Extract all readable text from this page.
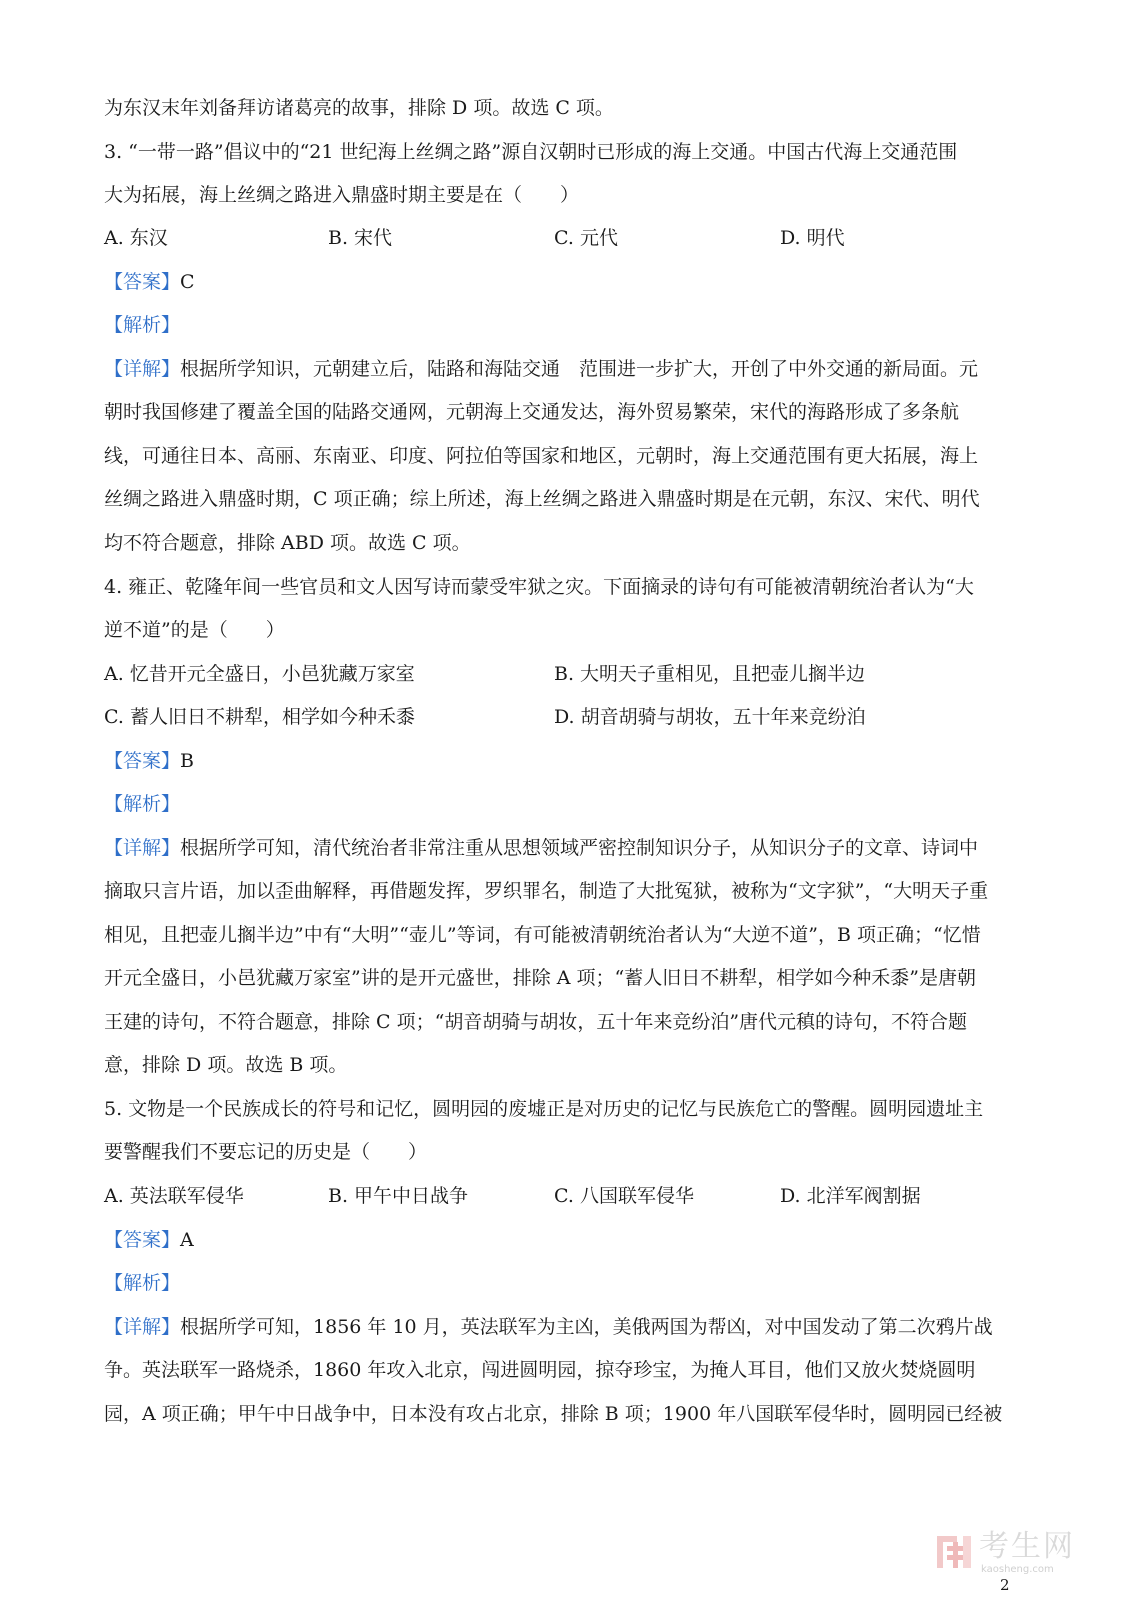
为东汉末年刘备拜访诸葛亮的故事，排除 D 项。故选 C 项。
3. “一带一路”倡议中的“21 世纪海上丝绸之路”源自汉朝时已形成的海上交通。中国古代海上交通范围
大为拓展，海上丝绸之路进入鼎盛时期主要是在（　　）
A. 东汉	B. 宋代	C. 元代	D. 明代
【答案】C
【解析】
【详解】根据所学知识，元朝建立后，陆路和海陆交通　范围进一步扩大，开创了中外交通的新局面。元
朝时我国修建了覆盖全国的陆路交通网，元朝海上交通发达，海外贸易繁荣，宋代的海路形成了多条航
线，可通往日本、高丽、东南亚、印度、阿拉伯等国家和地区，元朝时，海上交通范围有更大拓展，海上
丝绸之路进入鼎盛时期，C 项正确；综上所述，海上丝绸之路进入鼎盛时期是在元朝，东汉、宋代、明代
均不符合题意，排除 ABD 项。故选 C 项。
4. 雍正、乾隆年间一些官员和文人因写诗而蒙受牢狱之灾。下面摘录的诗句有可能被清朝统治者认为“大
逆不道”的是（　　）
A. 忆昔开元全盛日，小邑犹藏万家室	B. 大明天子重相见，且把壶儿搁半边
C. 蓄人旧日不耕犁，相学如今种禾黍	D. 胡音胡骑与胡妆，五十年来竞纷泊
【答案】B
【解析】
【详解】根据所学可知，清代统治者非常注重从思想领域严密控制知识分子，从知识分子的文章、诗词中
摘取只言片语，加以歪曲解释，再借题发挥，罗织罪名，制造了大批冤狱，被称为“文字狱”，“大明天子重
相见，且把壶儿搁半边”中有“大明”“壶儿”等词，有可能被清朝统治者认为“大逆不道”，B 项正确；“忆惜
开元全盛日，小邑犹藏万家室”讲的是开元盛世，排除 A 项；“蓄人旧日不耕犁，相学如今种禾黍”是唐朝
王建的诗句，不符合题意，排除 C 项；“胡音胡骑与胡妆，五十年来竞纷泊”唐代元稹的诗句，不符合题
意，排除 D 项。故选 B 项。
5. 文物是一个民族成长的符号和记忆，圆明园的废墟正是对历史的记忆与民族危亡的警醒。圆明园遗址主
要警醒我们不要忘记的历史是（　　）
A. 英法联军侵华	B. 甲午中日战争	C. 八国联军侵华	D. 北洋军阀割据
【答案】A
【解析】
【详解】根据所学可知，1856 年 10 月，英法联军为主凶，美俄两国为帮凶，对中国发动了第二次鸦片战
争。英法联军一路烧杀，1860 年攻入北京，闯进圆明园，掠夺珍宝，为掩人耳目，他们又放火焚烧圆明
园，A 项正确；甲午中日战争中，日本没有攻占北京，排除 B 项；1900 年八国联军侵华时，圆明园已经被
考生网
kaosheng.com
2
